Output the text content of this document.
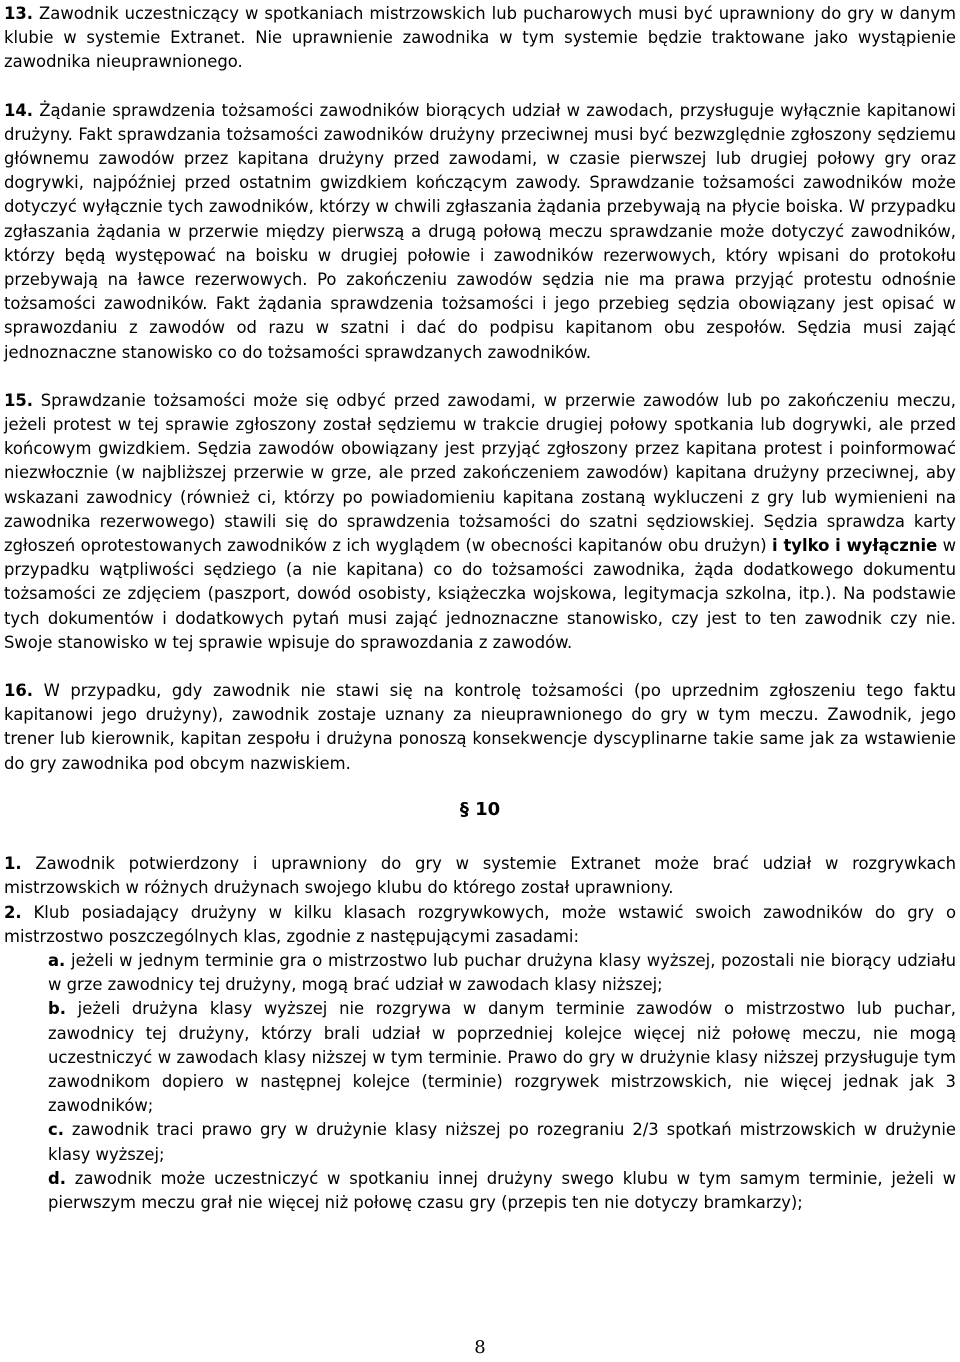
13. Zawodnik uczestniczący w spotkaniach mistrzowskich lub pucharowych musi być uprawniony do gry w danym klubie w systemie Extranet. Nie uprawnienie zawodnika w tym systemie będzie traktowane jako wystąpienie zawodnika nieuprawnionego.

14. Żądanie sprawdzenia tożsamości zawodników biorących udział w zawodach, przysługuje wyłącznie kapitanowi drużyny. Fakt sprawdzania tożsamości zawodników drużyny przeciwnej musi być bezwzględnie zgłoszony sędziemu głównemu zawodów przez kapitana drużyny przed zawodami, w czasie pierwszej lub drugiej połowy gry oraz dogrywki, najpóźniej przed ostatnim gwizdkiem kończącym zawody. Sprawdzanie tożsamości zawodników może dotyczyć wyłącznie tych zawodników, którzy w chwili zgłaszania żądania przebywają na płycie boiska. W przypadku zgłaszania żądania w przerwie między pierwszą a drugą połową meczu sprawdzanie może dotyczyć zawodników, którzy będą występować na boisku w drugiej połowie i zawodników rezerwowych, który wpisani do protokołu przebywają na ławce rezerwowych. Po zakończeniu zawodów sędzia nie ma prawa przyjąć protestu odnośnie tożsamości zawodników. Fakt żądania sprawdzenia tożsamości i jego przebieg sędzia obowiązany jest opisać w sprawozdaniu z zawodów od razu w szatni i dać do podpisu kapitanom obu zespołów. Sędzia musi zająć jednoznaczne stanowisko co do tożsamości sprawdzanych zawodników.

15. Sprawdzanie tożsamości może się odbyć przed zawodami, w przerwie zawodów lub po zakończeniu meczu, jeżeli protest w tej sprawie zgłoszony został sędziemu w trakcie drugiej połowy spotkania lub dogrywki, ale przed końcowym gwizdkiem. Sędzia zawodów obowiązany jest przyjąć zgłoszony przez kapitana protest i poinformować niezwłocznie (w najbliższej przerwie w grze, ale przed zakończeniem zawodów) kapitana drużyny przeciwnej, aby wskazani zawodnicy (również ci, którzy po powiadomieniu kapitana zostaną wykluczeni z gry lub wymienieni na zawodnika rezerwowego) stawili się do sprawdzenia tożsamości do szatni sędziowskiej. Sędzia sprawdza karty zgłoszeń oprotestowanych zawodników z ich wyglądem (w obecności kapitanów obu drużyn) i tylko i wyłącznie w przypadku wątpliwości sędziego (a nie kapitana) co do tożsamości zawodnika, żąda dodatkowego dokumentu tożsamości ze zdjęciem (paszport, dowód osobisty, książeczka wojskowa, legitymacja szkolna, itp.). Na podstawie tych dokumentów i dodatkowych pytań musi zająć jednoznaczne stanowisko, czy jest to ten zawodnik czy nie. Swoje stanowisko w tej sprawie wpisuje do sprawozdania z zawodów.

16. W przypadku, gdy zawodnik nie stawi się na kontrolę tożsamości (po uprzednim zgłoszeniu tego faktu kapitanowi jego drużyny), zawodnik zostaje uznany za nieuprawnionego do gry w tym meczu. Zawodnik, jego trener lub kierownik, kapitan zespołu i drużyna ponoszą konsekwencje dyscyplinarne takie same jak za wstawienie do gry zawodnika pod obcym nazwiskiem.

§ 10

1. Zawodnik potwierdzony i uprawniony do gry w systemie Extranet może brać udział w rozgrywkach mistrzowskich w różnych drużynach swojego klubu do którego został uprawniony.

2. Klub posiadający drużyny w kilku klasach rozgrywkowych, może wstawić swoich zawodników do gry o mistrzostwo poszczególnych klas, zgodnie z następującymi zasadami:

a. jeżeli w jednym terminie gra o mistrzostwo lub puchar drużyna klasy wyższej, pozostali nie biorący udziału w grze zawodnicy tej drużyny, mogą brać udział w zawodach klasy niższej;

b. jeżeli drużyna klasy wyższej nie rozgrywa w danym terminie zawodów o mistrzostwo lub puchar, zawodnicy tej drużyny, którzy brali udział w poprzedniej kolejce więcej niż połowę meczu, nie mogą uczestniczyć w zawodach klasy niższej w tym terminie. Prawo do gry w drużynie klasy niższej przysługuje tym zawodnikom dopiero w następnej kolejce (terminie) rozgrywek mistrzowskich, nie więcej jednak jak 3 zawodników;

c. zawodnik traci prawo gry w drużynie klasy niższej po rozegraniu 2/3 spotkań mistrzowskich w drużynie klasy wyższej;

d. zawodnik może uczestniczyć w spotkaniu innej drużyny swego klubu w tym samym terminie, jeżeli w pierwszym meczu grał nie więcej niż połowę czasu gry (przepis ten nie dotyczy bramkarzy);

8
